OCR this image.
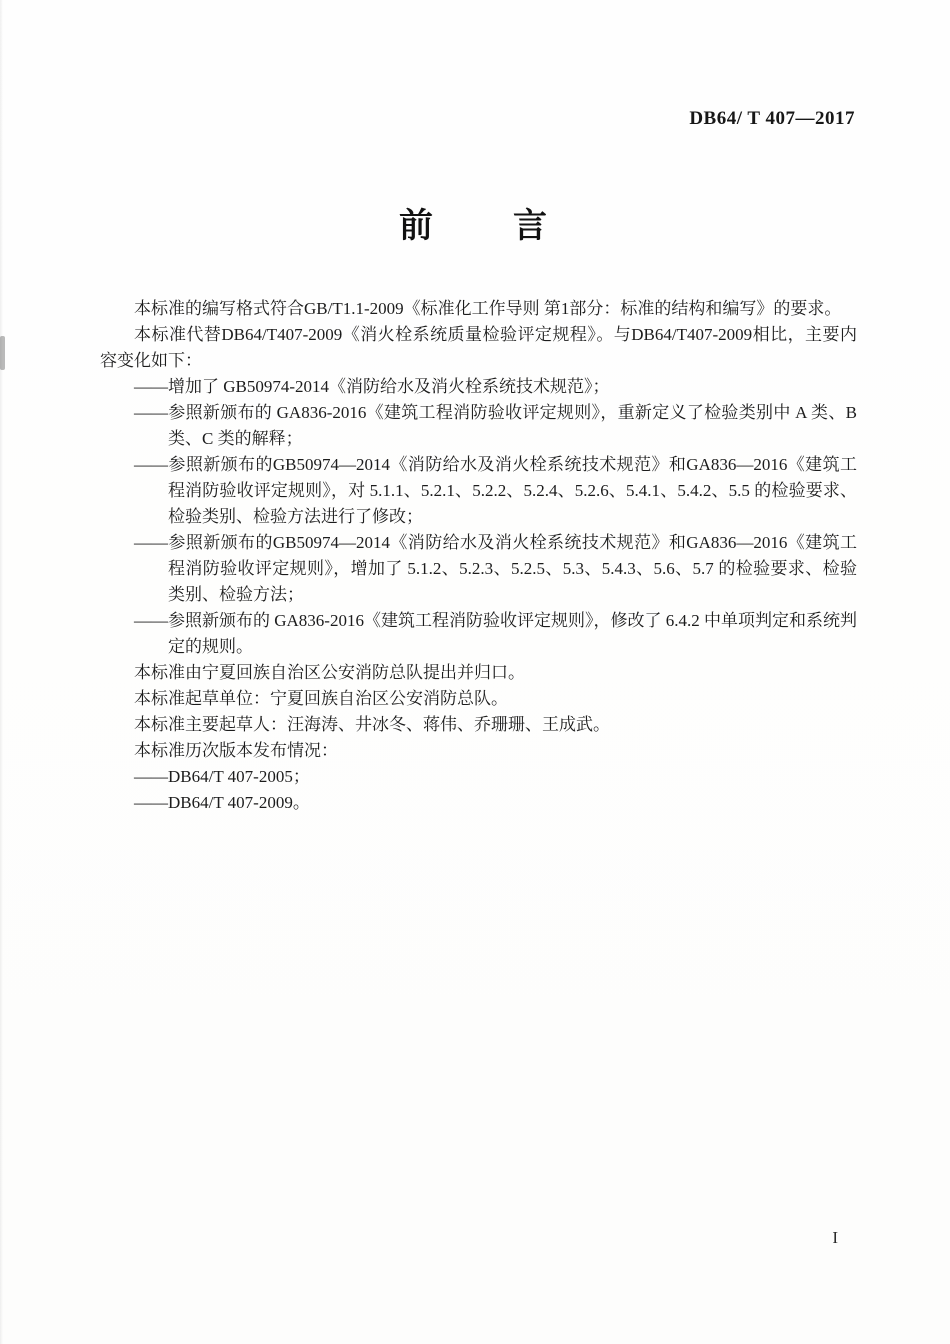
DB64/ T 407—2017
前　　言

本标准的编写格式符合GB/T1.1-2009《标准化工作导则 第1部分：标准的结构和编写》的要求。

本标准代替DB64/T407-2009《消火栓系统质量检验评定规程》。与DB64/T407-2009相比，主要内容变化如下：

——增加了 GB50974-2014《消防给水及消火栓系统技术规范》；

——参照新颁布的 GA836-2016《建筑工程消防验收评定规则》，重新定义了检验类别中 A 类、B 类、C 类的解释；

——参照新颁布的GB50974—2014《消防给水及消火栓系统技术规范》和GA836—2016《建筑工程消防验收评定规则》，对 5.1.1、5.2.1、5.2.2、5.2.4、5.2.6、5.4.1、5.4.2、5.5 的检验要求、检验类别、检验方法进行了修改；

——参照新颁布的GB50974—2014《消防给水及消火栓系统技术规范》和GA836—2016《建筑工程消防验收评定规则》，增加了 5.1.2、5.2.3、5.2.5、5.3、5.4.3、5.6、5.7 的检验要求、检验类别、检验方法；

——参照新颁布的 GA836-2016《建筑工程消防验收评定规则》，修改了 6.4.2 中单项判定和系统判定的规则。

本标准由宁夏回族自治区公安消防总队提出并归口。

本标准起草单位：宁夏回族自治区公安消防总队。

本标准主要起草人：汪海涛、井冰冬、蒋伟、乔珊珊、王成武。

本标准历次版本发布情况：

——DB64/T 407-2005；

——DB64/T 407-2009。

I
